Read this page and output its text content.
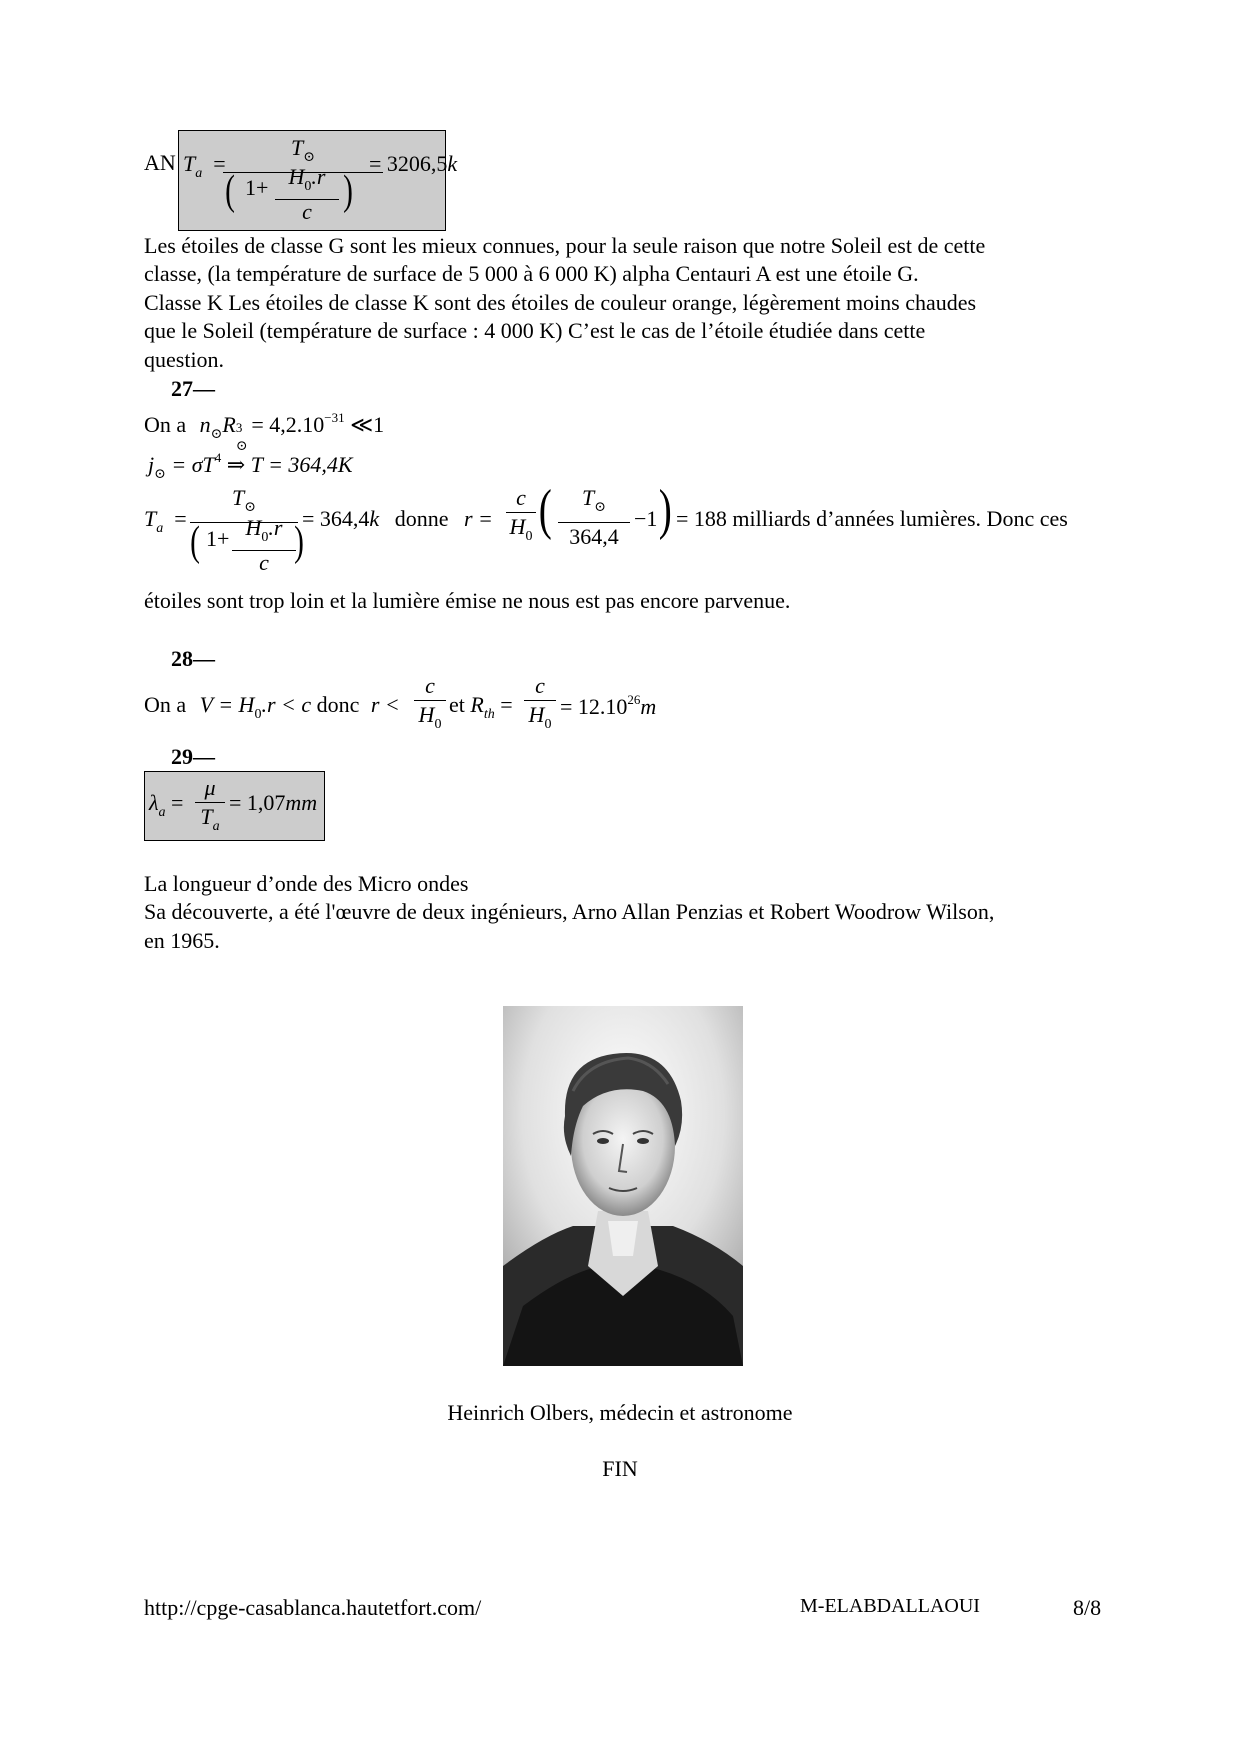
AN $T_a$  =
$T_⊙$
( $1+ H_0.r$
c )
= 3206,5k
Les étoiles de classe G sont les mieux connues, pour la seule raison que notre Soleil est de cette
classe, (la température de surface de 5 000 à 6 000 K) alpha Centauri A est une étoile G.
Classe K Les étoiles de classe K sont des étoiles de couleur orange, légèrement moins chaudes
que le Soleil (température de surface : 4 000 K) C’est le cas de l’étoile étudiée dans cette
question.
27—
On a $n_⊙R$ 3
⊙
= $4,2.10^{-31}$ ≪1
$j_⊙ = \sigma T^4$ ⇒ T = 364,4K
$T_a$  =
$T_⊙$
( $1+ H_0.r$
c )
= 364,4k donne r =
c
$H_0$ (	$T_⊙$
364,4
−1 ) = 188 milliards d’années lumières. Donc ces
étoiles sont trop loin et la lumière émise ne nous est pas encore parvenue.
28—
On a $V = H_0.r < c$ donc r <
c
$H_0$
et $R_{th}$ =
c
$H_0$
= $12.10^{26}m$
29—
$\lambda_a$ =
μ
$T_a$
= 1,07mm
La longueur d’onde des Micro ondes
Sa découverte, a été l'œuvre de deux ingénieurs, Arno Allan Penzias et Robert Woodrow Wilson,
en 1965.
Heinrich Olbers, médecin et astronome
FIN
http://cpge-casablanca.hautetfort.com/	M-ELABDALLAOUI	8/8
